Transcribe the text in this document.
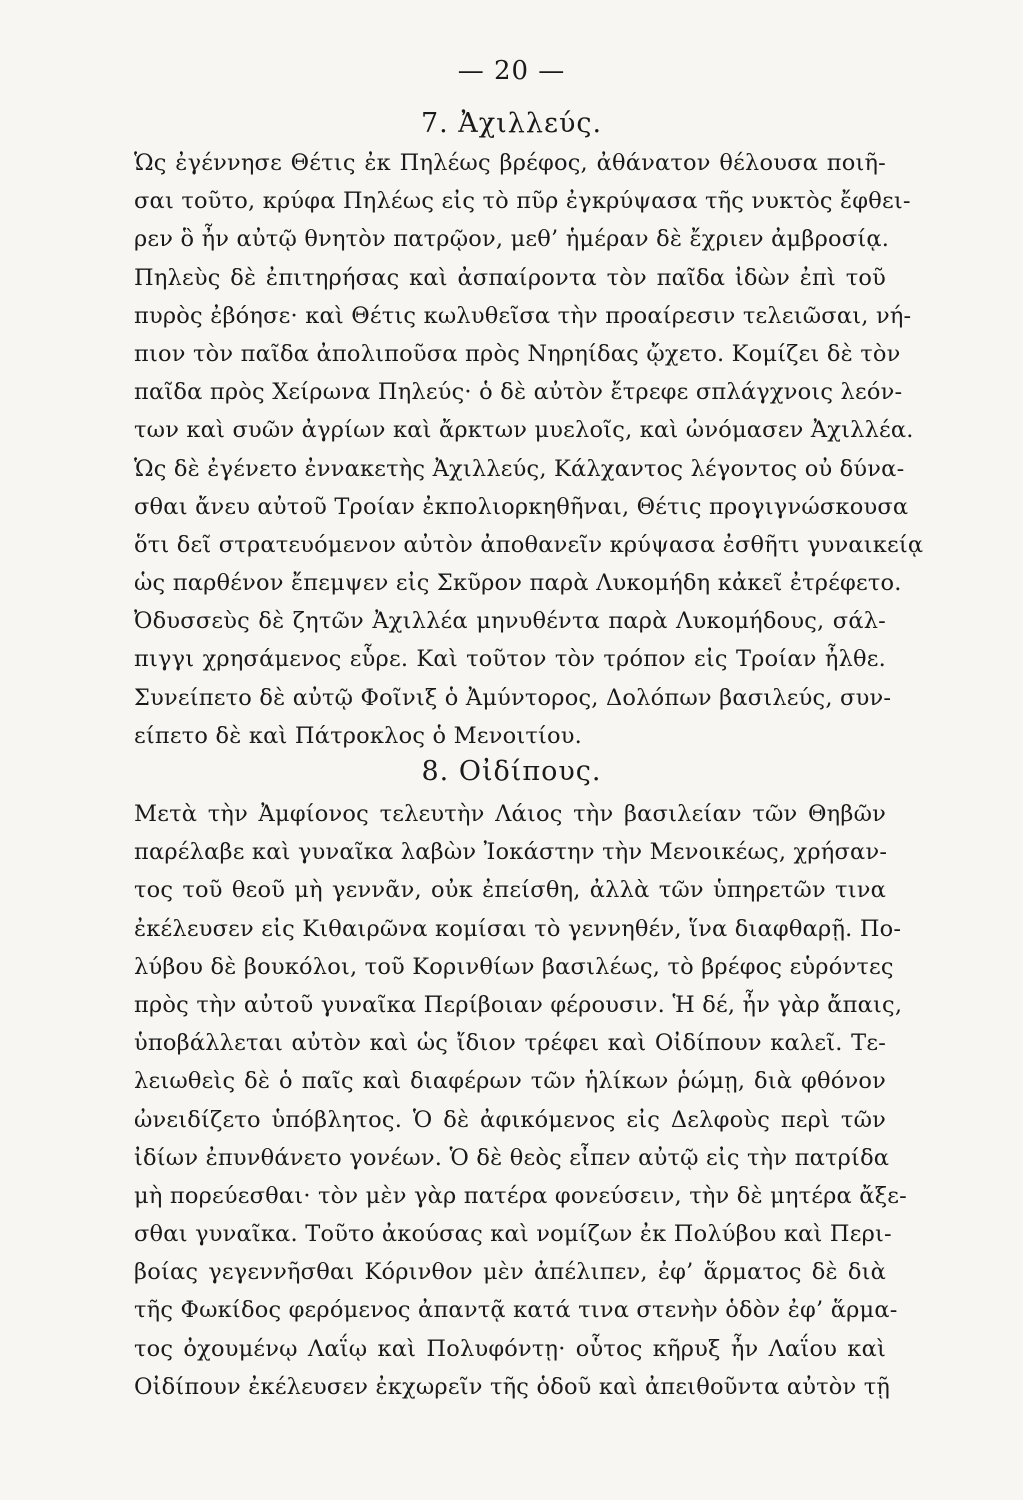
— 20 —
7. Ἀχιλλεύς.
Ὡς ἐγέννησε Θέτις ἐκ Πηλέως βρέφος, ἀθάνατον θέλουσα ποιῆ-
σαι τοῦτο, κρύφα Πηλέως εἰς τὸ πῦρ ἐγκρύψασα τῆς νυκτὸς ἔφθει-
ρεν ὃ ἦν αὐτῷ θνητὸν πατρῷον, μεθ’ ἡμέραν δὲ ἔχριεν ἀμβροσίᾳ.
Πηλεὺς δὲ ἐπιτηρήσας καὶ ἀσπαίροντα τὸν παῖδα ἰδὼν ἐπὶ τοῦ
πυρὸς ἐβόησε· καὶ Θέτις κωλυθεῖσα τὴν προαίρεσιν τελειῶσαι, νή-
πιον τὸν παῖδα ἀπολιποῦσα πρὸς Νηρηίδας ᾤχετο. Κομίζει δὲ τὸν
παῖδα πρὸς Χείρωνα Πηλεύς· ὁ δὲ αὐτὸν ἔτρεφε σπλάγχνοις λεόν-
των καὶ συῶν ἀγρίων καὶ ἄρκτων μυελοῖς, καὶ ὠνόμασεν Ἀχιλλέα.
Ὡς δὲ ἐγένετο ἐννακετὴς Ἀχιλλεύς, Κάλχαντος λέγοντος οὐ δύνα-
σθαι ἄνευ αὐτοῦ Τροίαν ἐκπολιορκηθῆναι, Θέτις προγιγνώσκουσα
ὅτι δεῖ στρατευόμενον αὐτὸν ἀποθανεῖν κρύψασα ἐσθῆτι γυναικείᾳ
ὡς παρθένον ἔπεμψεν εἰς Σκῦρον παρὰ Λυκομήδη κἀκεῖ ἐτρέφετο.
Ὀδυσσεὺς δὲ ζητῶν Ἀχιλλέα μηνυθέντα παρὰ Λυκομήδους, σάλ-
πιγγι χρησάμενος εὗρε. Καὶ τοῦτον τὸν τρόπον εἰς Τροίαν ἦλθε.
Συνείπετο δὲ αὐτῷ Φοῖνιξ ὁ Ἀμύντορος, Δολόπων βασιλεύς, συν-
είπετο δὲ καὶ Πάτροκλος ὁ Μενοιτίου.
8. Οἰδίπους.
Μετὰ τὴν Ἀμφίονος τελευτὴν Λάιος τὴν βασιλείαν τῶν Θηβῶν
παρέλαβε καὶ γυναῖκα λαβὼν Ἰοκάστην τὴν Μενοικέως, χρήσαν-
τος τοῦ θεοῦ μὴ γεννᾶν, οὐκ ἐπείσθη, ἀλλὰ τῶν ὑπηρετῶν τινα
ἐκέλευσεν εἰς Κιθαιρῶνα κομίσαι τὸ γεννηθέν, ἵνα διαφθαρῇ. Πο-
λύβου δὲ βουκόλοι, τοῦ Κορινθίων βασιλέως, τὸ βρέφος εὑρόντες
πρὸς τὴν αὐτοῦ γυναῖκα Περίβοιαν φέρουσιν. Ἡ δέ, ἦν γὰρ ἄπαις,
ὑποβάλλεται αὐτὸν καὶ ὡς ἴδιον τρέφει καὶ Οἰδίπουν καλεῖ. Τε-
λειωθεὶς δὲ ὁ παῖς καὶ διαφέρων τῶν ἡλίκων ῥώμῃ, διὰ φθόνον
ὠνειδίζετο ὑπόβλητος. Ὁ δὲ ἀφικόμενος εἰς Δελφοὺς περὶ τῶν
ἰδίων ἐπυνθάνετο γονέων. Ὁ δὲ θεὸς εἶπεν αὐτῷ εἰς τὴν πατρίδα
μὴ πορεύεσθαι· τὸν μὲν γὰρ πατέρα φονεύσειν, τὴν δὲ μητέρα ἄξε-
σθαι γυναῖκα. Τοῦτο ἀκούσας καὶ νομίζων ἐκ Πολύβου καὶ Περι-
βοίας γεγεννῆσθαι Κόρινθον μὲν ἀπέλιπεν, ἐφ’ ἅρματος δὲ διὰ
τῆς Φωκίδος φερόμενος ἀπαντᾷ κατά τινα στενὴν ὁδὸν ἐφ’ ἅρμα-
τος ὀχουμένῳ Λαΐῳ καὶ Πολυφόντῃ· οὗτος κῆρυξ ἦν Λαΐου καὶ
Οἰδίπουν ἐκέλευσεν ἐκχωρεῖν τῆς ὁδοῦ καὶ ἀπειθοῦντα αὐτὸν τῇ
